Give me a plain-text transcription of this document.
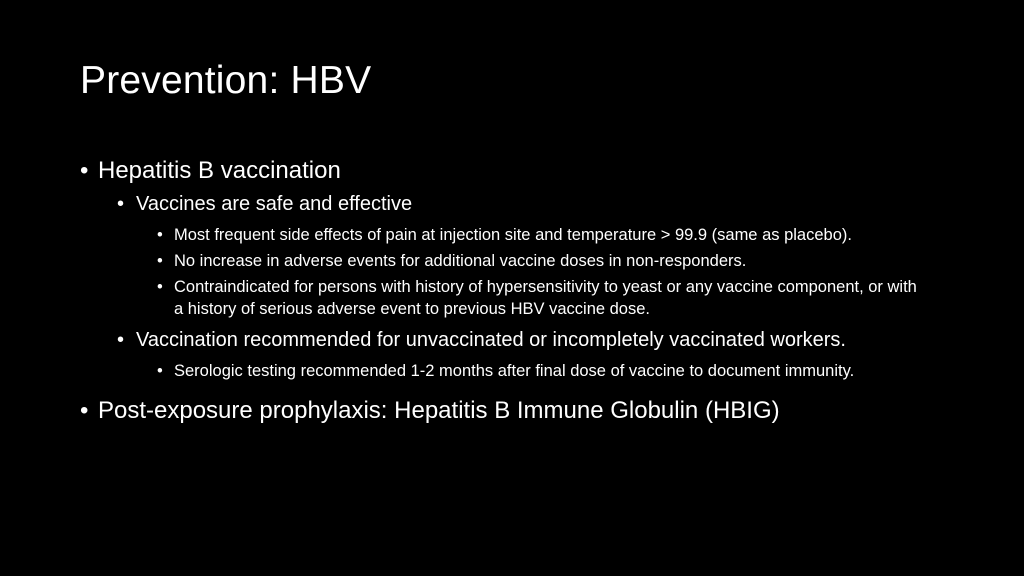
Prevention: HBV
• Hepatitis B vaccination
• Vaccines are safe and effective
• Most frequent side effects of pain at injection site and temperature > 99.9 (same as placebo).
• No increase in adverse events for additional vaccine doses in non-responders.
• Contraindicated for persons with history of hypersensitivity to yeast or any vaccine component, or with a history of serious adverse event to previous HBV vaccine dose.
• Vaccination recommended for unvaccinated or incompletely vaccinated workers.
• Serologic testing recommended 1-2 months after final dose of vaccine to document immunity.
• Post-exposure prophylaxis: Hepatitis B Immune Globulin (HBIG)
